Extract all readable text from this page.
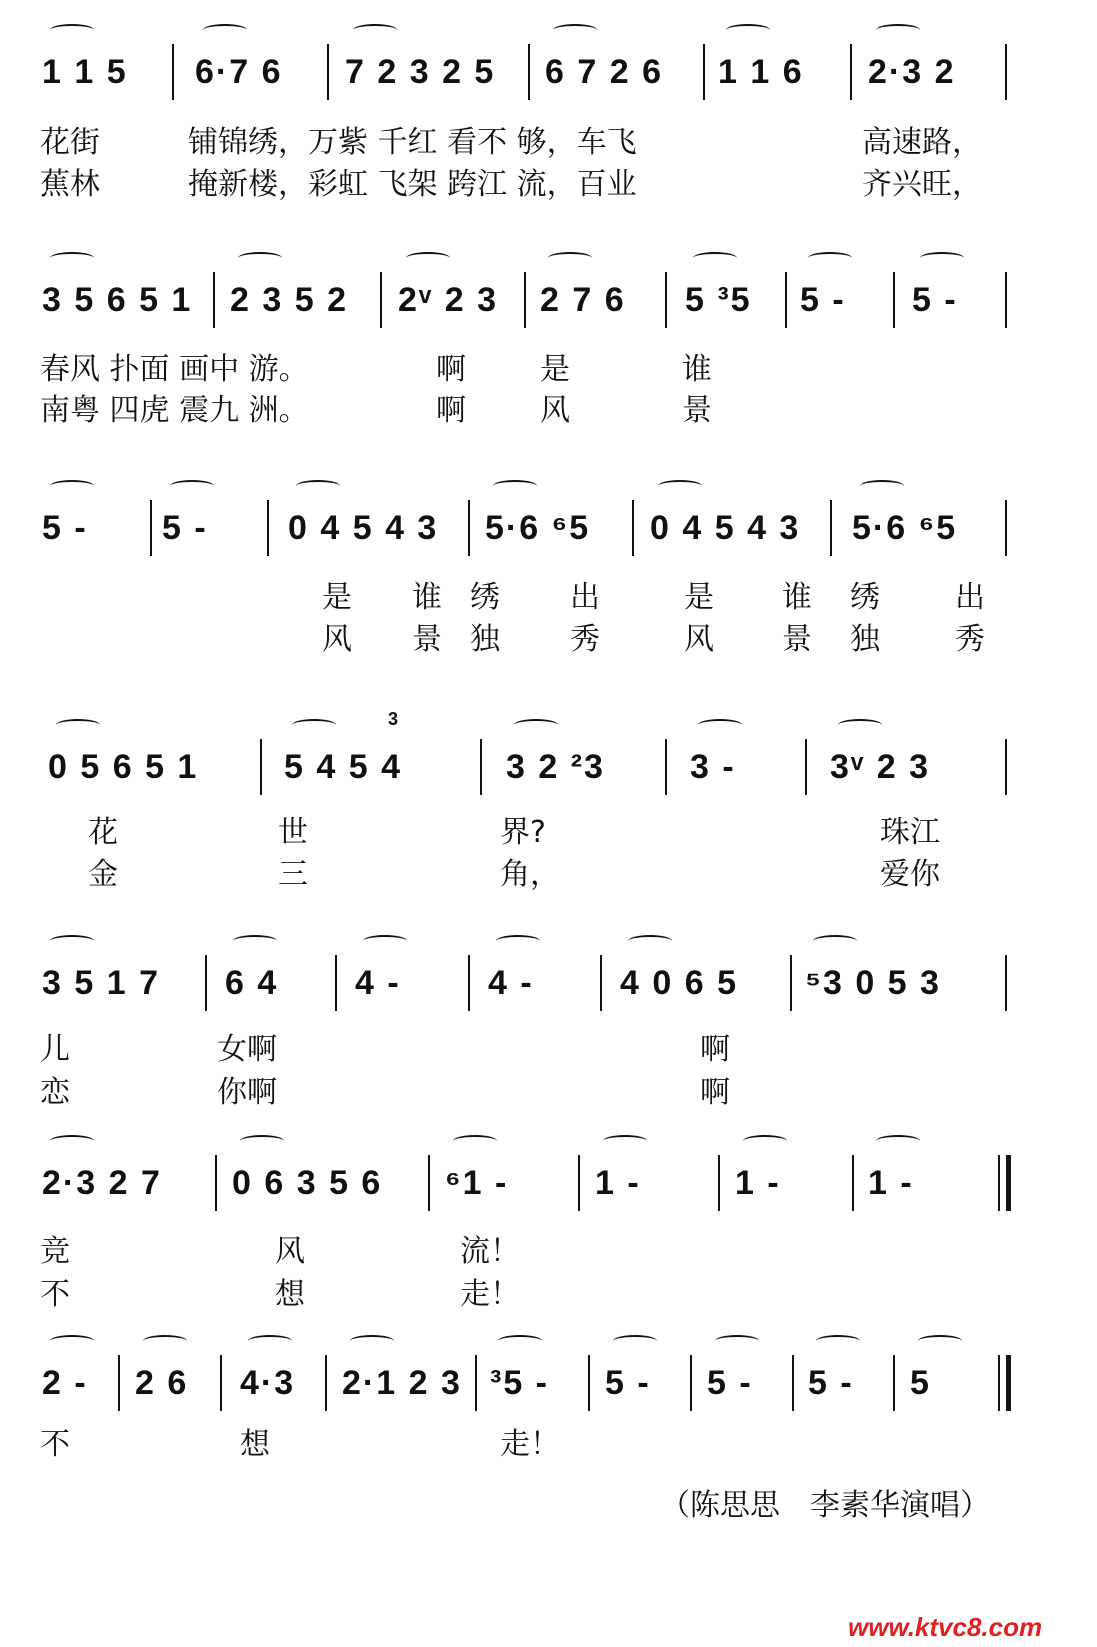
1 1 5 6·7 6 7 2 3 2 5 6 7 2 6 1 1 6 2·3 2
花街	铺锦绣，万紫 千红 看不 够，车飞	高速路，
蕉林	掩新楼，彩虹 飞架 跨江 流，百业	齐兴旺，
3 5 6 5 1 2 3 5 2 2ᵛ 2 3 2 7 6 5 ³5 5 - 5 -
春风 扑面 画中 游。	啊 是	谁
南粤 四虎 震九 洲。	啊 风	景
5 - 5 - 0 4 5 4 3 5·6 ⁶5 0 4 5 4 3 5·6 ⁶5
是 谁 绣 出	是 谁 绣	出
风 景 独 秀	风 景 独	秀
0 5 6 5 1	5 4 5 4	3 2 ²3	3 -	3ᵛ 2 3
3
花	世	界?	珠江
金	三	角，	爱你
3 5 1 7 6 4 4 -	4 -	4 0 6 5 ⁵3 0 5 3
儿	女啊	啊
恋	你啊	啊
2·3 2 7 0 6 3 5 6 ⁶1 -	1 -	1 -	1 -
竞	风	流！
不	想	走！
2 - 2 6 4·3 2·1 2 3 ³5 - 5 - 5 - 5 - 5
不	想	走！
（陈思思　李素华演唱）
www.ktvc8.com
